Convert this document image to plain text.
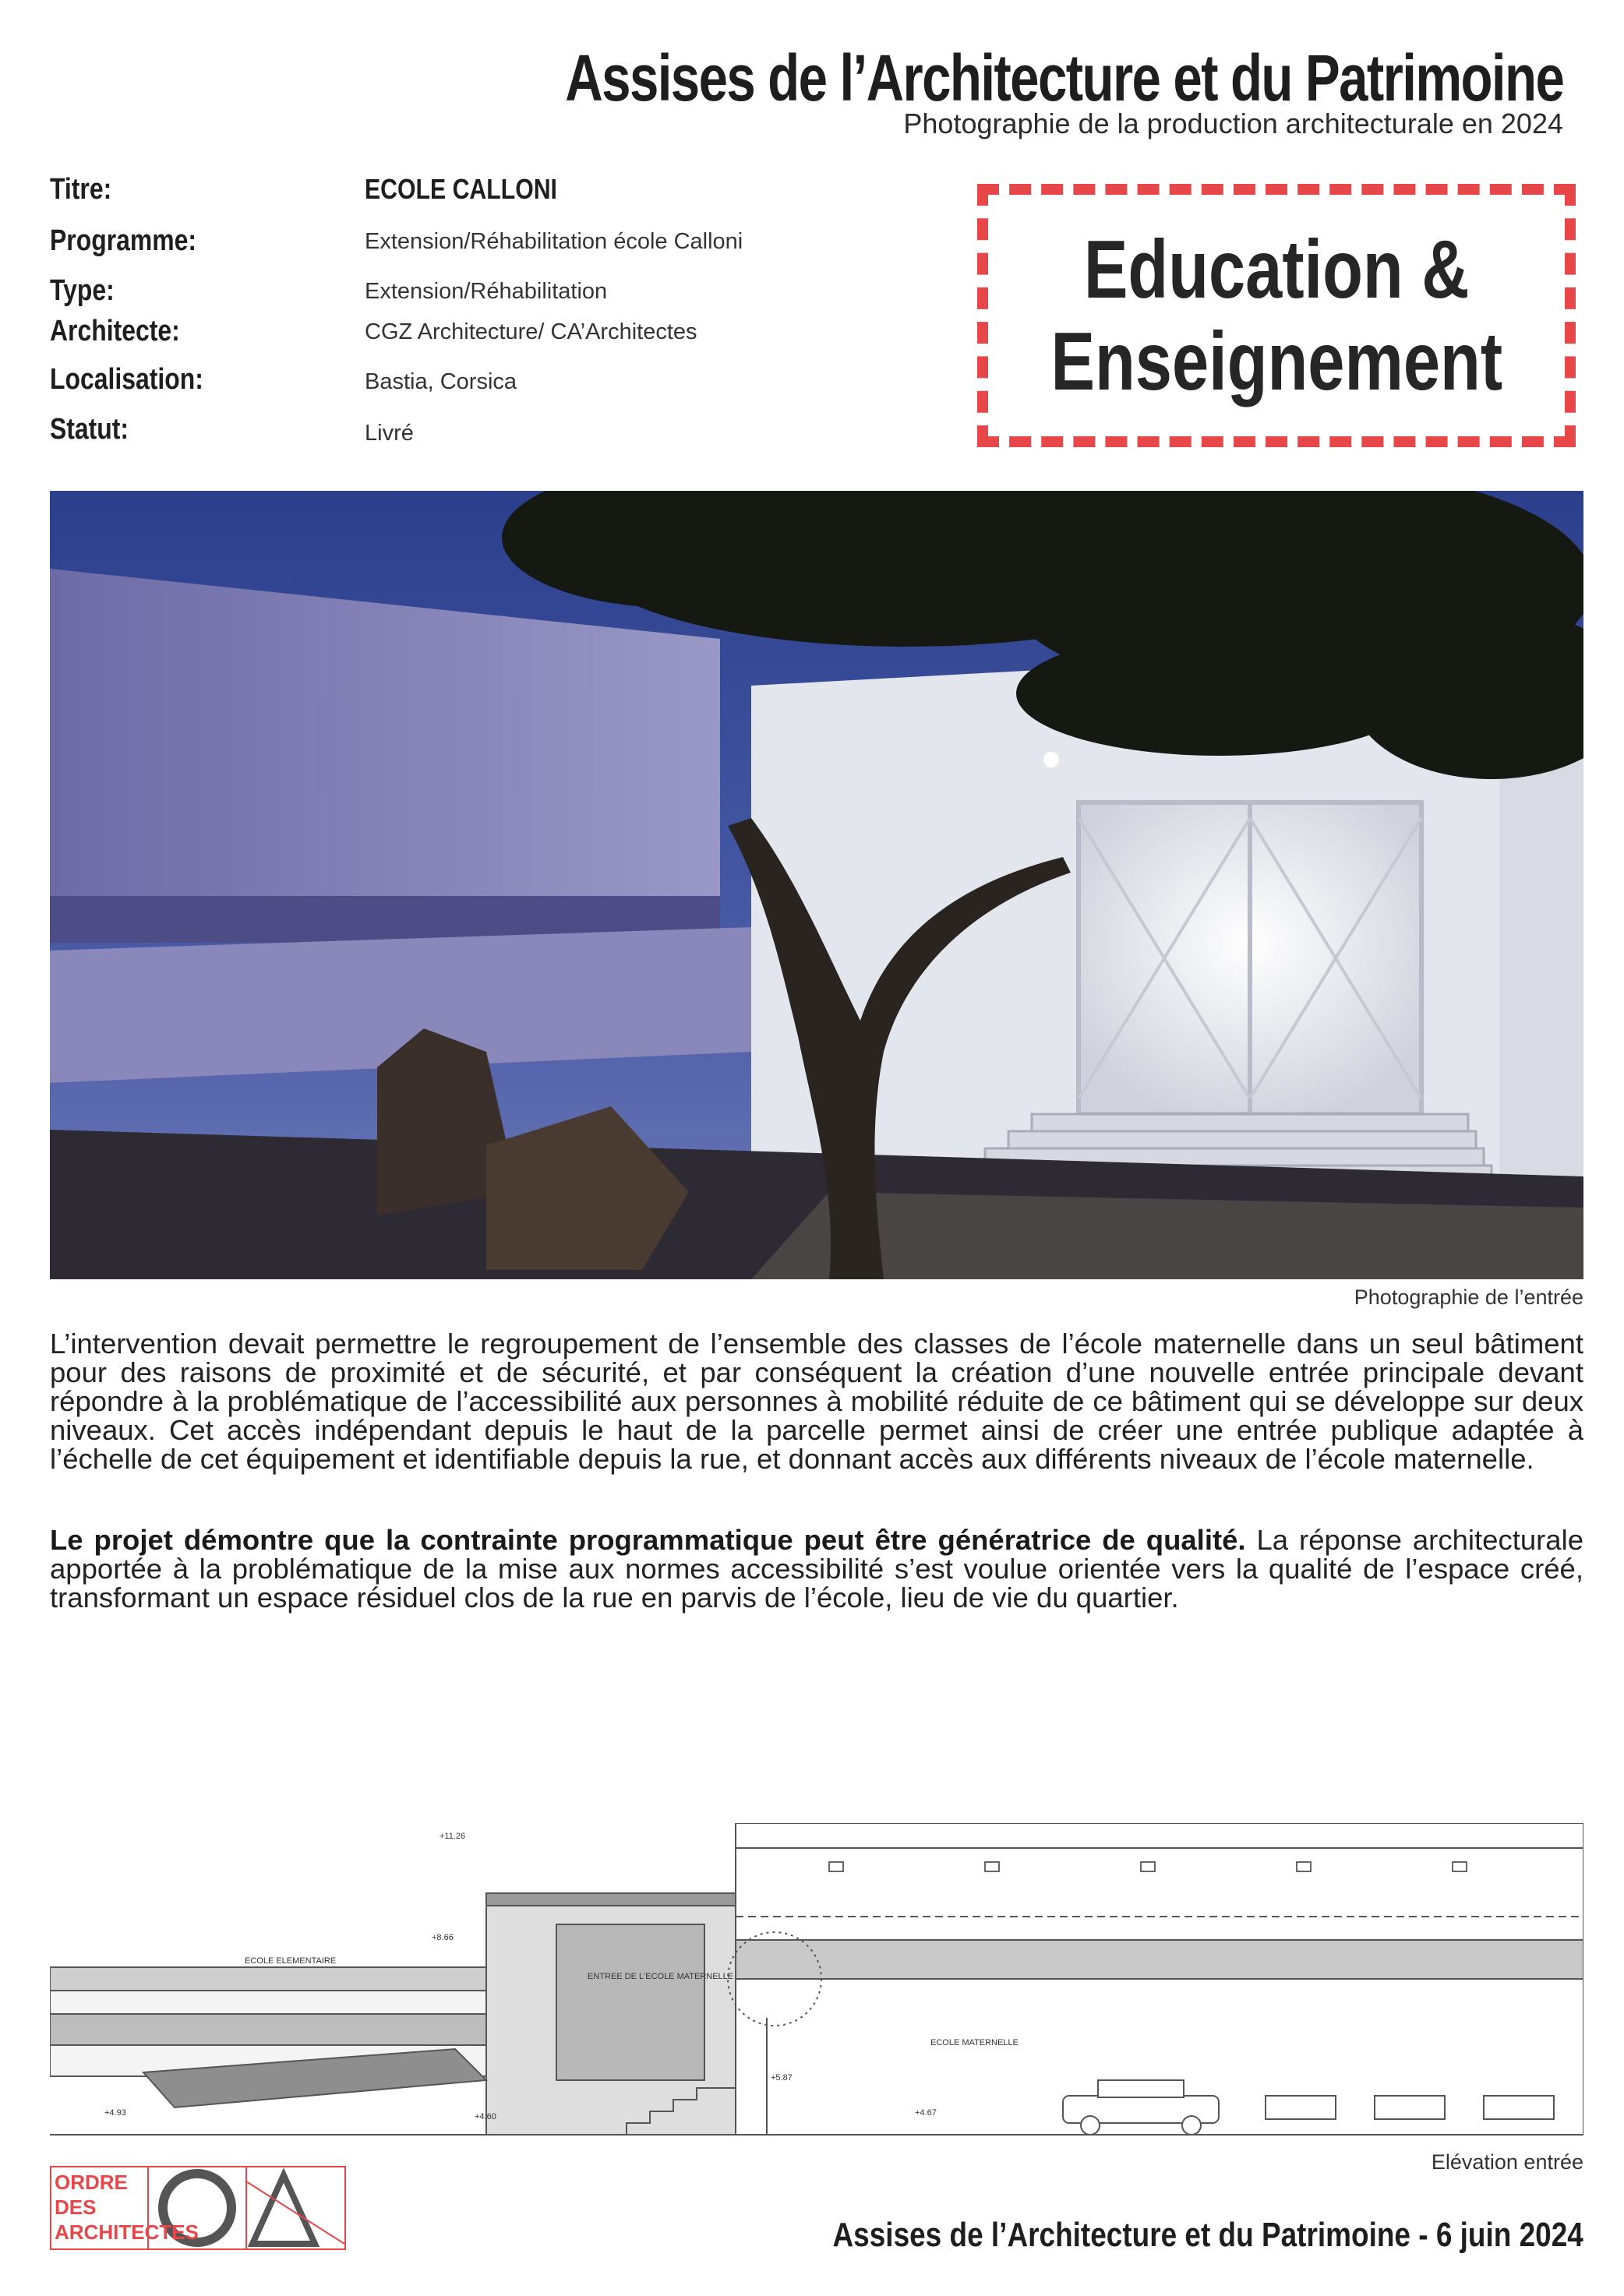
Assises de l’Architecture et du Patrimoine
Photographie de la production architecturale en 2024
Titre:	ECOLE CALLONI
Programme:	Extension/Réhabilitation école Calloni
Type:	Extension/Réhabilitation
Architecte:	CGZ Architecture/ CA’Architectes
Localisation:	Bastia, Corsica
Statut:	Livré
Education &
Enseignement
Photographie de l’entrée
L’intervention devait permettre le regroupement de l’ensemble des classes de l’école maternelle dans un seul bâtiment pour des raisons de proximité et de sécurité, et par conséquent la création d’une nouvelle entrée principale devant répondre à la problématique de l’accessibilité aux personnes à mobilité réduite de ce bâtiment qui se développe sur deux niveaux. Cet accès indépendant depuis le haut de la parcelle permet ainsi de créer une entrée publique adaptée à l’échelle de cet équipement et identifiable depuis la rue, et donnant accès aux différents niveaux de l’école maternelle.
Le projet démontre que la contrainte programmatique peut être génératrice de qualité. La réponse architecturale apportée à la problématique de la mise aux normes accessibilité s’est voulue orientée vers la qualité de l’espace créé, transformant un espace résiduel clos de la rue en parvis de l’école, lieu de vie du quartier.
ECOLE ELEMENTAIRE
ENTREE DE L'ECOLE MATERNELLE
ECOLE MATERNELLE
+11.26
+8.66
+4.93	+4.60
+5.87
+4.67
Elévation entrée
ORDRE
DES
ARCHITECTES	Assises de l’Architecture et du Patrimoine - 6 juin 2024
